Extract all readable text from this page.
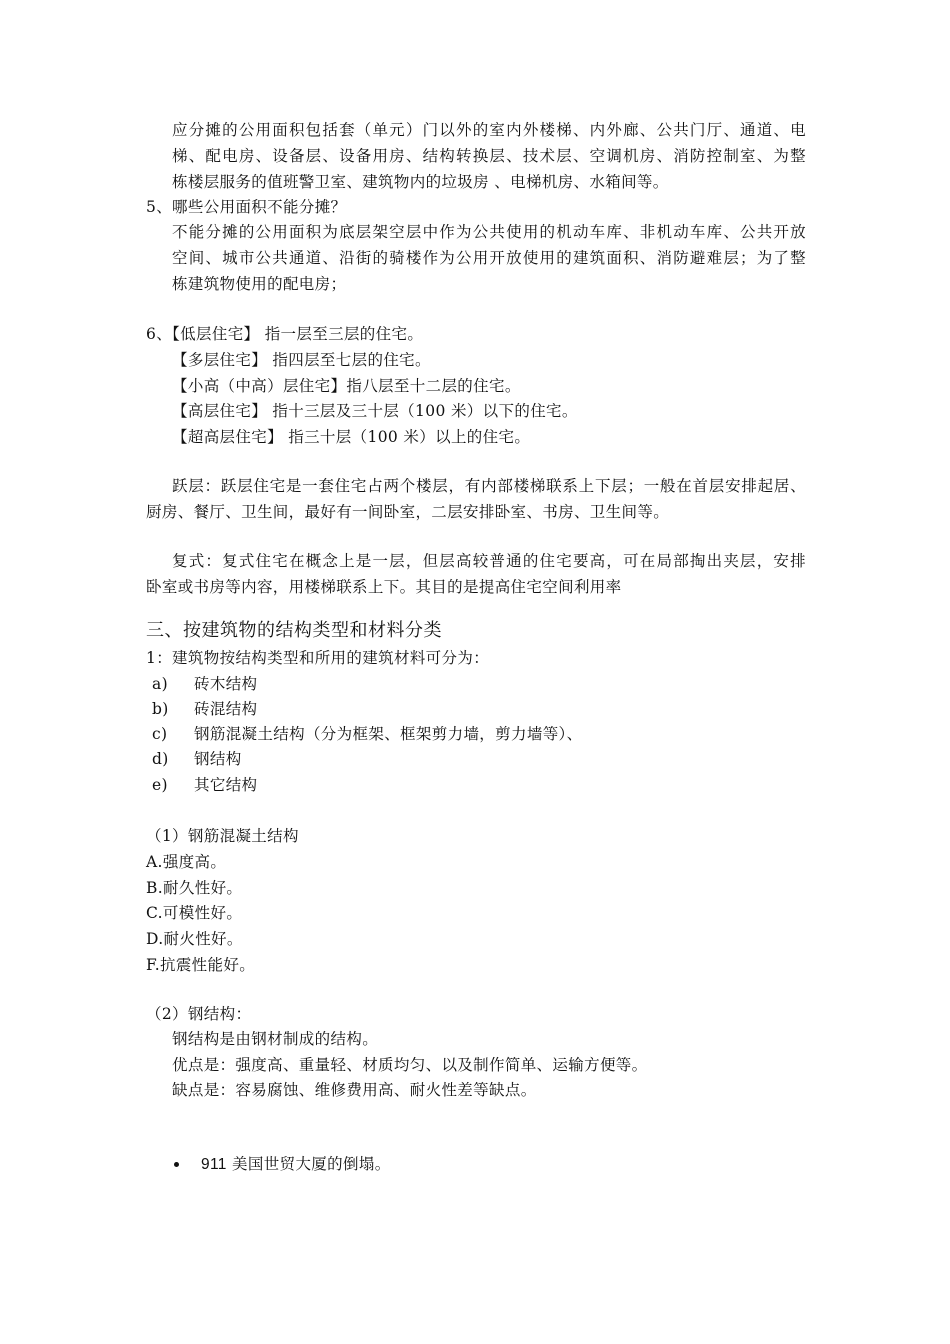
应分摊的公用面积包括套（单元）门以外的室内外楼梯、内外廊、公共门厅、通道、电
梯、配电房、设备层、设备用房、结构转换层、技术层、空调机房、消防控制室、为整
栋楼层服务的值班警卫室、建筑物内的垃圾房 、电梯机房、水箱间等。
5、哪些公用面积不能分摊？
不能分摊的公用面积为底层架空层中作为公共使用的机动车库、非机动车库、公共开放
空间、城市公共通道、沿街的骑楼作为公用开放使用的建筑面积、消防避难层；为了整
栋建筑物使用的配电房；
6、【低层住宅】 指一层至三层的住宅。
【多层住宅】 指四层至七层的住宅。
【小高（中高）层住宅】指八层至十二层的住宅。
【高层住宅】 指十三层及三十层（100 米）以下的住宅。
【超高层住宅】 指三十层（100 米）以上的住宅。
跃层：跃层住宅是一套住宅占两个楼层，有内部楼梯联系上下层；一般在首层安排起居、
厨房、餐厅、卫生间，最好有一间卧室，二层安排卧室、书房、卫生间等。
复式：复式住宅在概念上是一层，但层高较普通的住宅要高，可在局部掏出夹层，安排
卧室或书房等内容，用楼梯联系上下。其目的是提高住宅空间利用率
三、按建筑物的结构类型和材料分类
1：建筑物按结构类型和所用的建筑材料可分为：
a) 砖木结构
b) 砖混结构
c) 钢筋混凝土结构（分为框架、框架剪力墙，剪力墙等）、
d) 钢结构
e) 其它结构
（1）钢筋混凝土结构
A.强度高。
B.耐久性好。
C.可模性好。
D.耐火性好。
F.抗震性能好。
（2）钢结构：
钢结构是由钢材制成的结构。
优点是：强度高、重量轻、材质均匀、以及制作简单、运输方便等。
缺点是：容易腐蚀、维修费用高、耐火性差等缺点。
911 美国世贸大厦的倒塌。
